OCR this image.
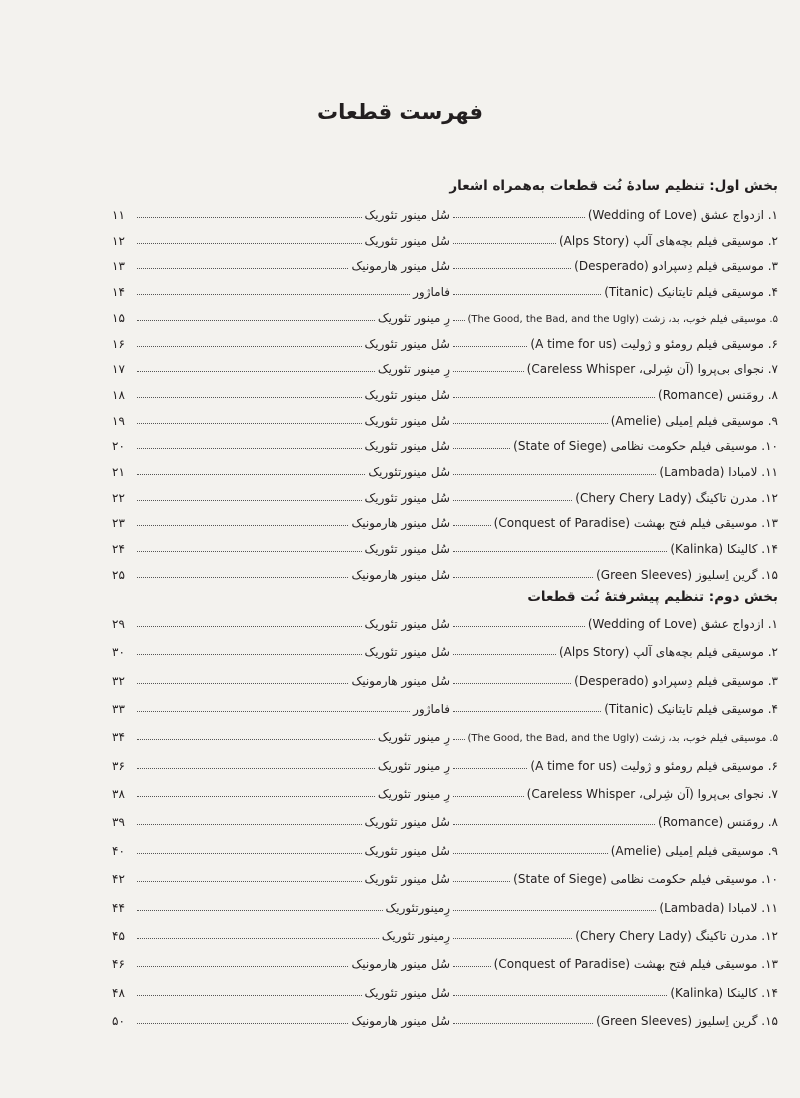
فهرست قطعات
بخش اول: تنظیم سادهٔ نُت قطعات به‌همراه اشعار
۱. ازدواج عشق (Wedding of Love)
سُل مینور تئوریک
۱۱
۲. موسیقی فیلم بچه‌های آلپ (Alps Story)
سُل مینور تئوریک
۱۲
۳. موسیقی فیلم دِسپرادو (Desperado)
سُل مینور هارمونیک
۱۳
۴. موسیقی فیلم تایتانیک (Titanic)
فاماژور
۱۴
۵. موسیقی فیلم خوب، بد، زشت (The Good, the Bad, and the Ugly)
رِ مینور تئوریک
۱۵
۶. موسیقی فیلم رومئو و ژولیت (A time for us)
سُل مینور تئوریک
۱۶
۷. نجوای بی‌پروا (آن شِرلی، Careless Whisper)
رِ مینور تئوریک
۱۷
۸. رومَنس (Romance)
سُل مینور تئوریک
۱۸
۹. موسیقی فیلم اِمیلی (Amelie)
سُل مینور تئوریک
۱۹
۱۰. موسیقی فیلم حکومت نظامی (State of Siege)
سُل مینور تئوریک
۲۰
۱۱. لامبادا (Lambada)
سُل مینورتئوریک
۲۱
۱۲. مدرن تاکینگ (Chery Chery Lady)
سُل مینور تئوریک
۲۲
۱۳. موسیقی فیلم فتح بهشت (Conquest of Paradise)
سُل مینور هارمونیک
۲۳
۱۴. کالینکا (Kalinka)
سُل مینور تئوریک
۲۴
۱۵. گرین اِسلیوز (Green Sleeves)
سُل مینور هارمونیک
۲۵
بخش دوم: تنظیم پیشرفتهٔ نُت قطعات
۱. ازدواج عشق (Wedding of Love)
سُل مینور تئوریک
۲۹
۲. موسیقی فیلم بچه‌های آلپ (Alps Story)
سُل مینور تئوریک
۳۰
۳. موسیقی فیلم دِسپرادو (Desperado)
سُل مینور هارمونیک
۳۲
۴. موسیقی فیلم تایتانیک (Titanic)
فاماژور
۳۳
۵. موسیقی فیلم خوب، بد، زشت (The Good, the Bad, and the Ugly)
رِ مینور تئوریک
۳۴
۶. موسیقی فیلم رومئو و ژولیت (A time for us)
رِ مینور تئوریک
۳۶
۷. نجوای بی‌پروا (آن شِرلی، Careless Whisper)
رِ مینور تئوریک
۳۸
۸. رومَنس (Romance)
سُل مینور تئوریک
۳۹
۹. موسیقی فیلم اِمیلی (Amelie)
سُل مینور تئوریک
۴۰
۱۰. موسیقی فیلم حکومت نظامی (State of Siege)
سُل مینور تئوریک
۴۲
۱۱. لامبادا (Lambada)
رِمینورتئوریک
۴۴
۱۲. مدرن تاکینگ (Chery Chery Lady)
رِمینور تئوریک
۴۵
۱۳. موسیقی فیلم فتح بهشت (Conquest of Paradise)
سُل مینور هارمونیک
۴۶
۱۴. کالینکا (Kalinka)
سُل مینور تئوریک
۴۸
۱۵. گرین اِسلیوز (Green Sleeves)
سُل مینور هارمونیک
۵۰
